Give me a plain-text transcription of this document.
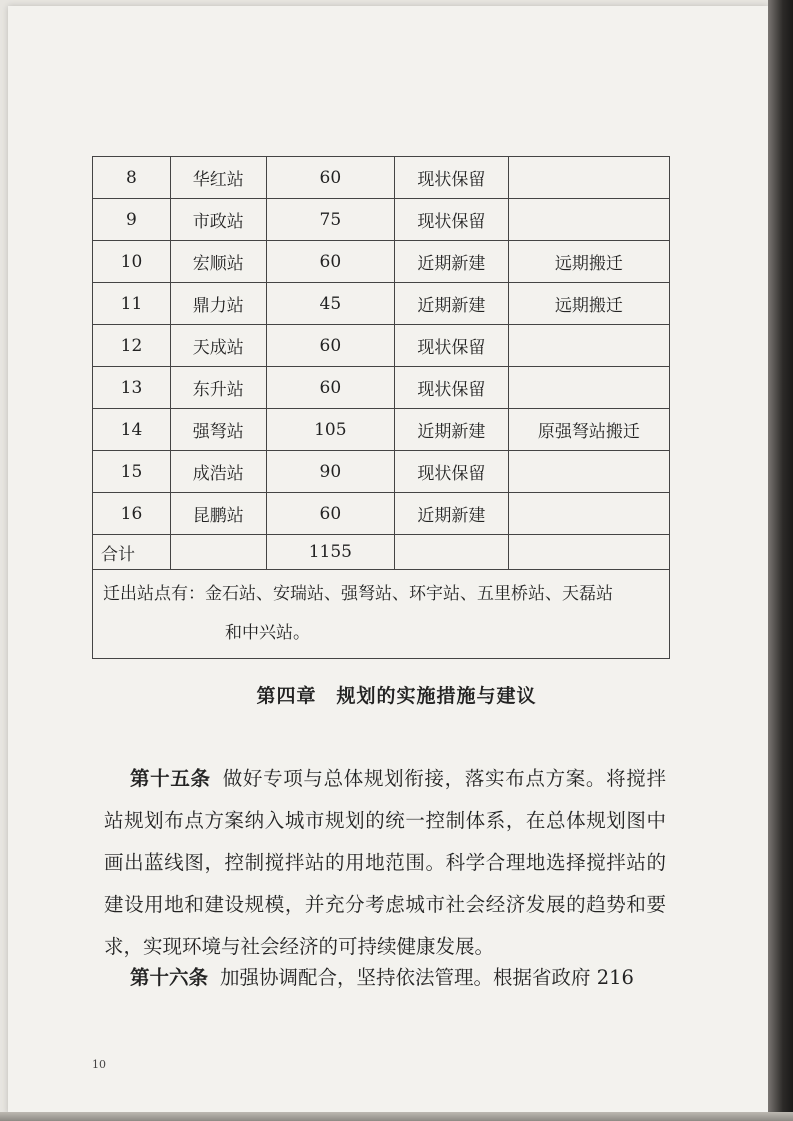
8	华红站	60	现状保留	
9	市政站	75	现状保留	
10	宏顺站	60	近期新建	远期搬迁
11	鼎力站	45	近期新建	远期搬迁
12	天成站	60	现状保留	
13	东升站	60	现状保留	
14	强弩站	105	近期新建	原强弩站搬迁
15	成浩站	90	现状保留	
16	昆鹏站	60	近期新建	
合计		1155		
迁出站点有：金石站、安瑞站、强弩站、环宇站、五里桥站、天磊站
和中兴站。				
第四章　规划的实施措施与建议
第十五条 做好专项与总体规划衔接，落实布点方案。将搅拌站规划布点方案纳入城市规划的统一控制体系，在总体规划图中画出蓝线图，控制搅拌站的用地范围。科学合理地选择搅拌站的建设用地和建设规模，并充分考虑城市社会经济发展的趋势和要求，实现环境与社会经济的可持续健康发展。
第十六条 加强协调配合，坚持依法管理。根据省政府 216
10
